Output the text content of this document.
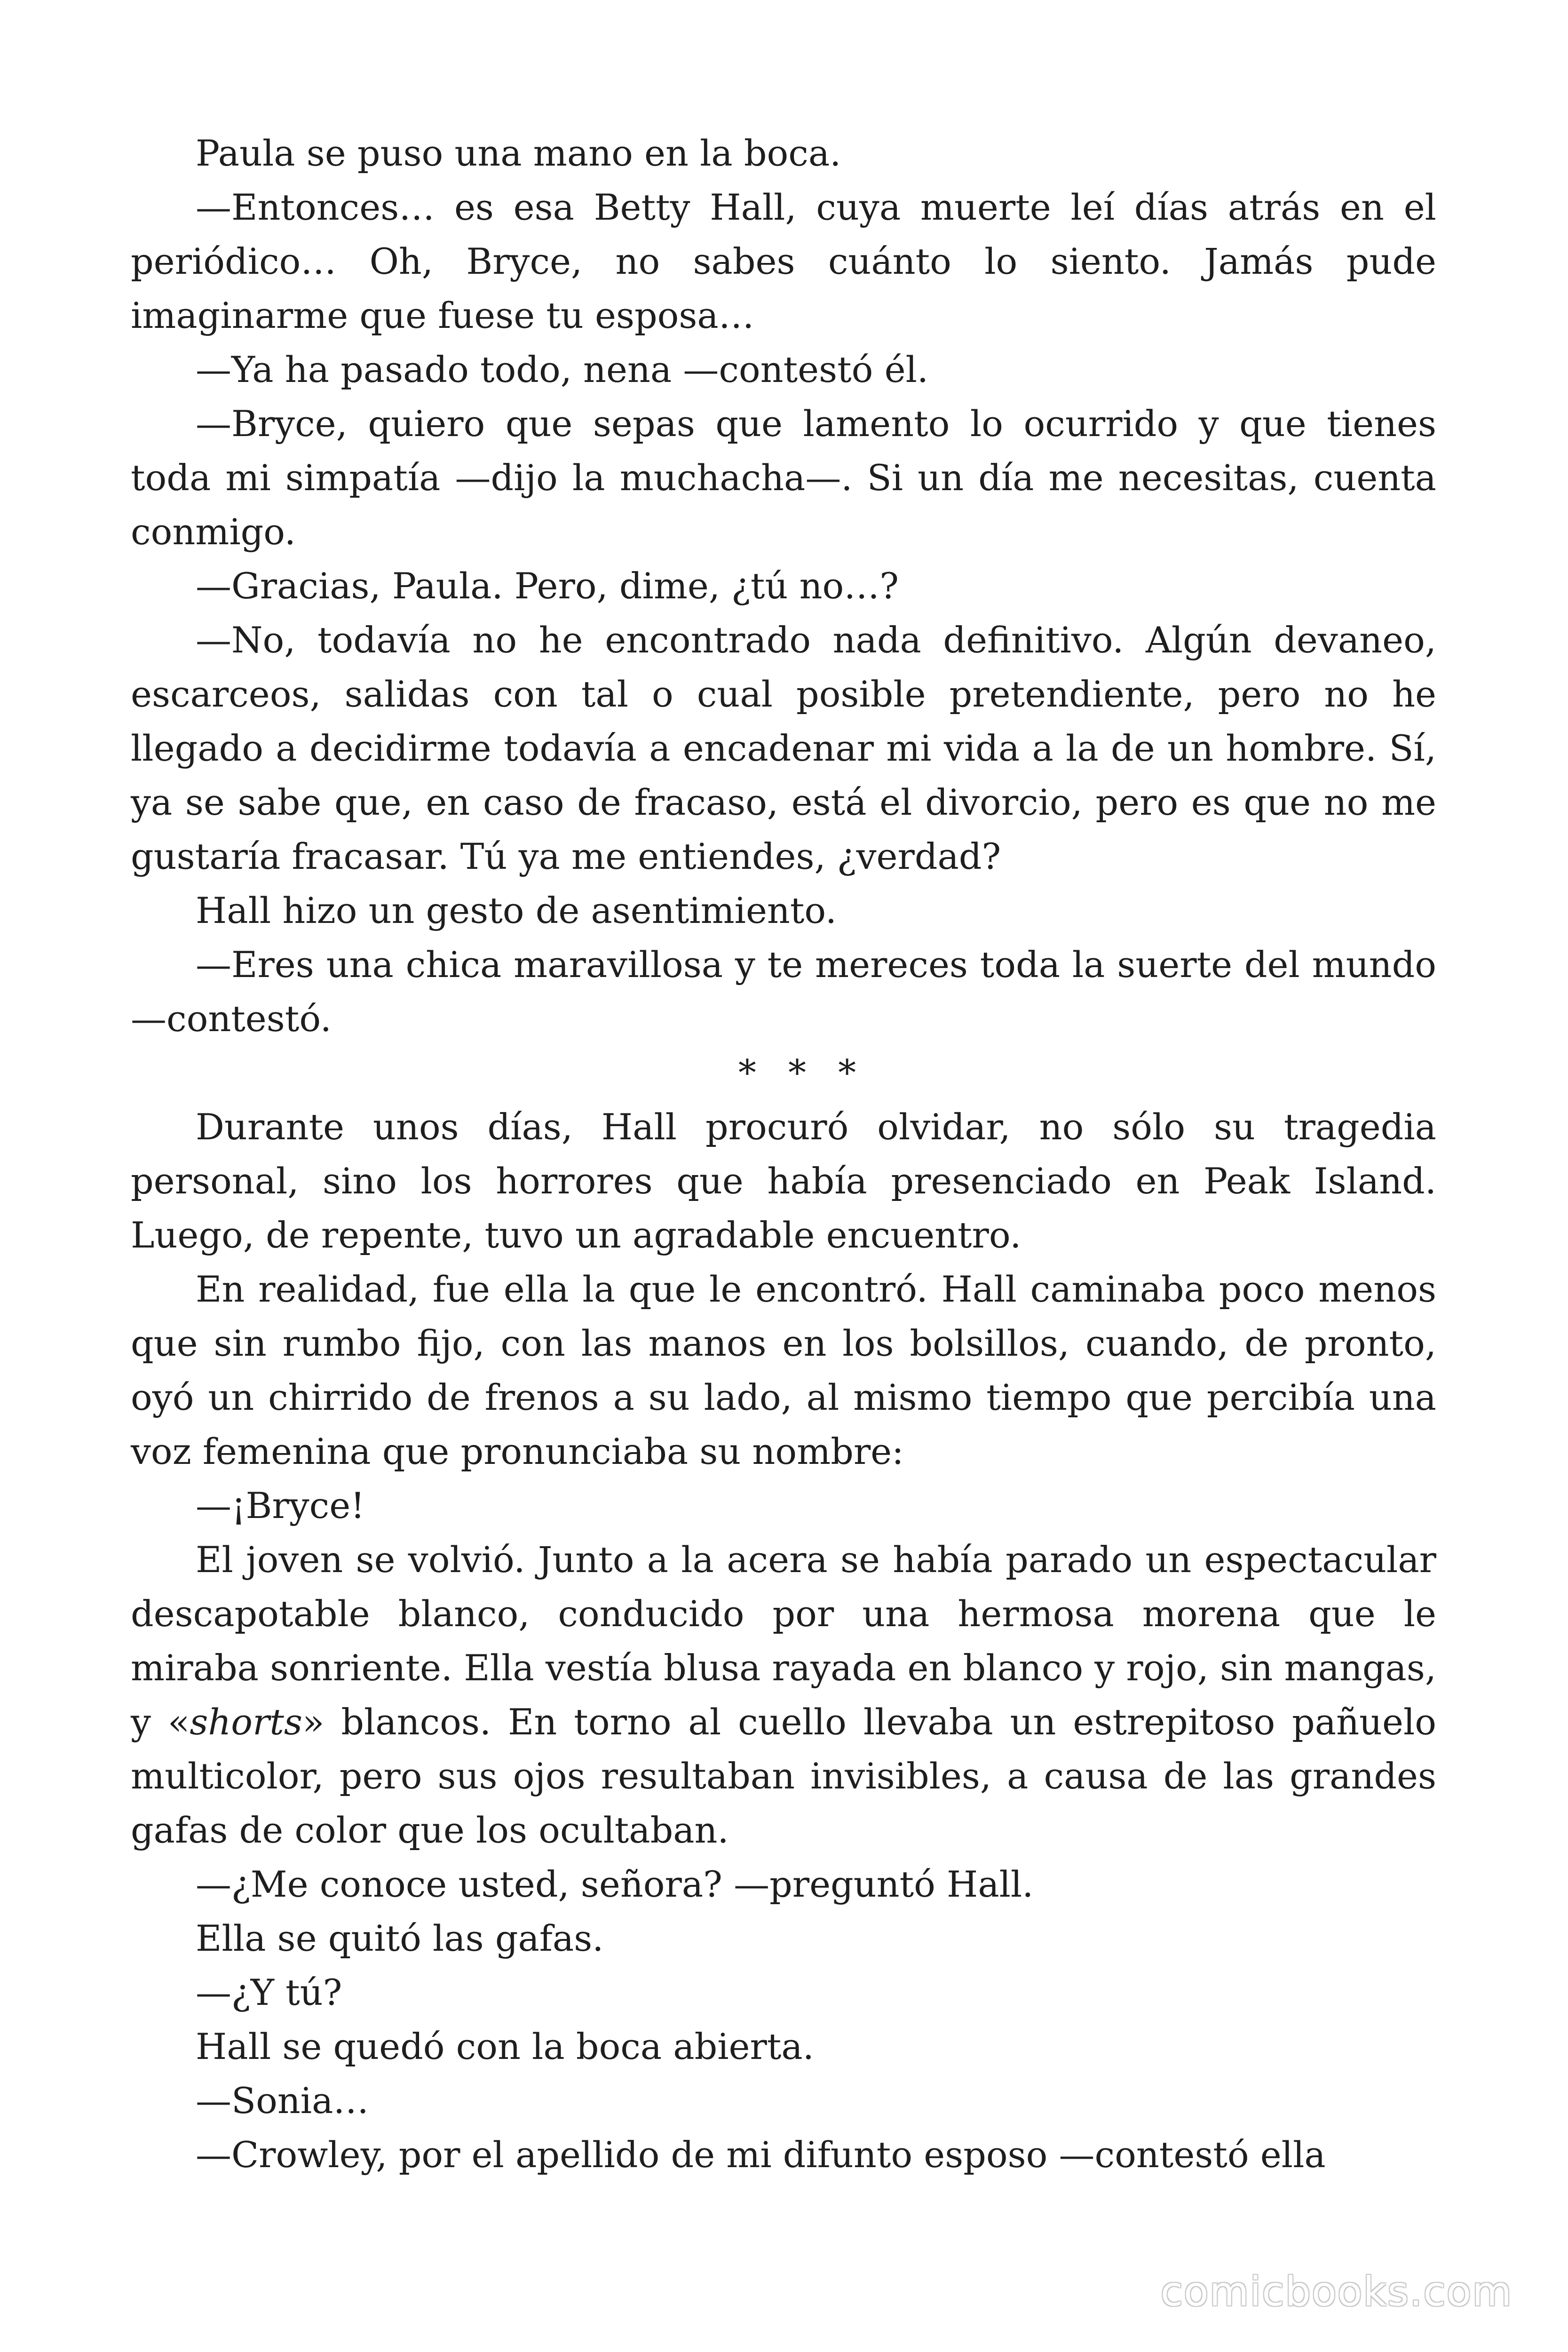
Paula se puso una mano en la boca.

—Entonces… es esa Betty Hall, cuya muerte leí días atrás en el periódico… Oh, Bryce, no sabes cuánto lo siento. Jamás pude imaginarme que fuese tu esposa…

—Ya ha pasado todo, nena —contestó él.

—Bryce, quiero que sepas que lamento lo ocurrido y que tienes toda mi simpatía —dijo la muchacha—. Si un día me necesitas, cuenta conmigo.

—Gracias, Paula. Pero, dime, ¿tú no…?

—No, todavía no he encontrado nada definitivo. Algún devaneo, escarceos, salidas con tal o cual posible pretendiente, pero no he llegado a decidirme todavía a encadenar mi vida a la de un hombre. Sí, ya se sabe que, en caso de fracaso, está el divorcio, pero es que no me gustaría fracasar. Tú ya me entiendes, ¿verdad?

Hall hizo un gesto de asentimiento.

—Eres una chica maravillosa y te mereces toda la suerte del mundo —contestó.

* * *

Durante unos días, Hall procuró olvidar, no sólo su tragedia personal, sino los horrores que había presenciado en Peak Island. Luego, de repente, tuvo un agradable encuentro.

En realidad, fue ella la que le encontró. Hall caminaba poco menos que sin rumbo fijo, con las manos en los bolsillos, cuando, de pronto, oyó un chirrido de frenos a su lado, al mismo tiempo que percibía una voz femenina que pronunciaba su nombre:

—¡Bryce!

El joven se volvió. Junto a la acera se había parado un espectacular descapotable blanco, conducido por una hermosa morena que le miraba sonriente. Ella vestía blusa rayada en blanco y rojo, sin mangas, y «shorts» blancos. En torno al cuello llevaba un estrepitoso pañuelo multicolor, pero sus ojos resultaban invisibles, a causa de las grandes gafas de color que los ocultaban.

—¿Me conoce usted, señora? —preguntó Hall.

Ella se quitó las gafas.

—¿Y tú?

Hall se quedó con la boca abierta.

—Sonia…

—Crowley, por el apellido de mi difunto esposo —contestó ella

comicbooks.com
